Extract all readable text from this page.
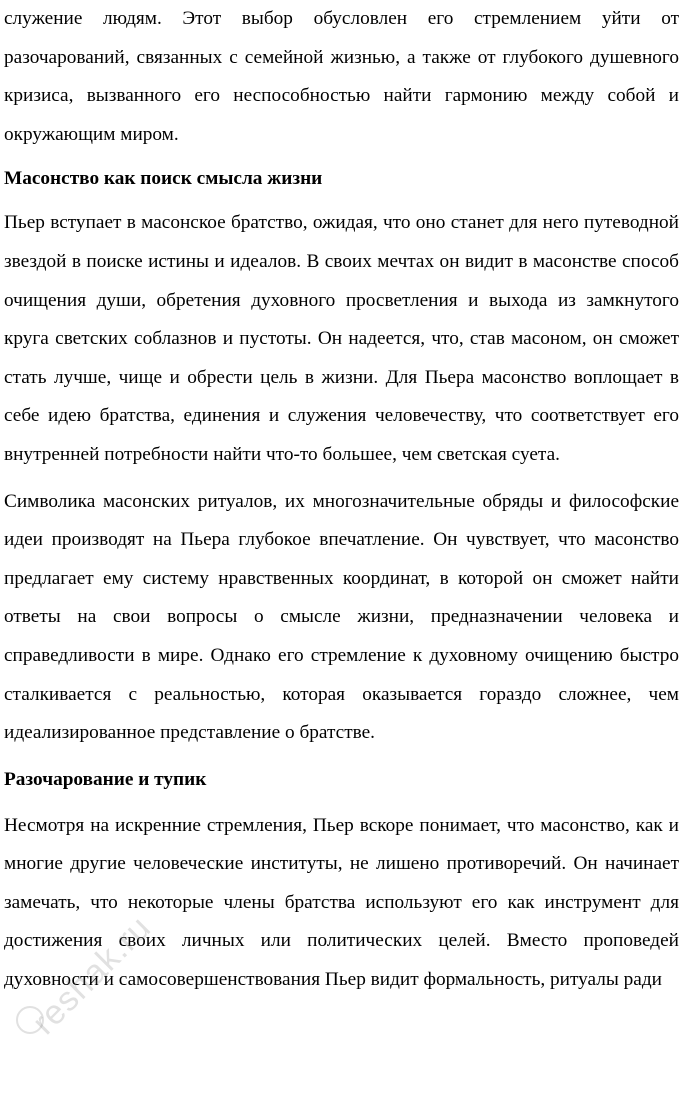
служение людям. Этот выбор обусловлен его стремлением уйти от разочарований, связанных с семейной жизнью, а также от глубокого душевного кризиса, вызванного его неспособностью найти гармонию между собой и окружающим миром.

Масонство как поиск смысла жизни

Пьер вступает в масонское братство, ожидая, что оно станет для него путеводной звездой в поиске истины и идеалов. В своих мечтах он видит в масонстве способ очищения души, обретения духовного просветления и выхода из замкнутого круга светских соблазнов и пустоты. Он надеется, что, став масоном, он сможет стать лучше, чище и обрести цель в жизни. Для Пьера масонство воплощает в себе идею братства, единения и служения человечеству, что соответствует его внутренней потребности найти что-то большее, чем светская суета.

Символика масонских ритуалов, их многозначительные обряды и философские идеи производят на Пьера глубокое впечатление. Он чувствует, что масонство предлагает ему систему нравственных координат, в которой он сможет найти ответы на свои вопросы о смысле жизни, предназначении человека и справедливости в мире. Однако его стремление к духовному очищению быстро сталкивается с реальностью, которая оказывается гораздо сложнее, чем идеализированное представление о братстве.

Разочарование и тупик

Несмотря на искренние стремления, Пьер вскоре понимает, что масонство, как и многие другие человеческие институты, не лишено противоречий. Он начинает замечать, что некоторые члены братства используют его как инструмент для достижения своих личных или политических целей. Вместо проповедей духовности и самосовершенствования Пьер видит формальность, ритуалы ради

reshak.ru
